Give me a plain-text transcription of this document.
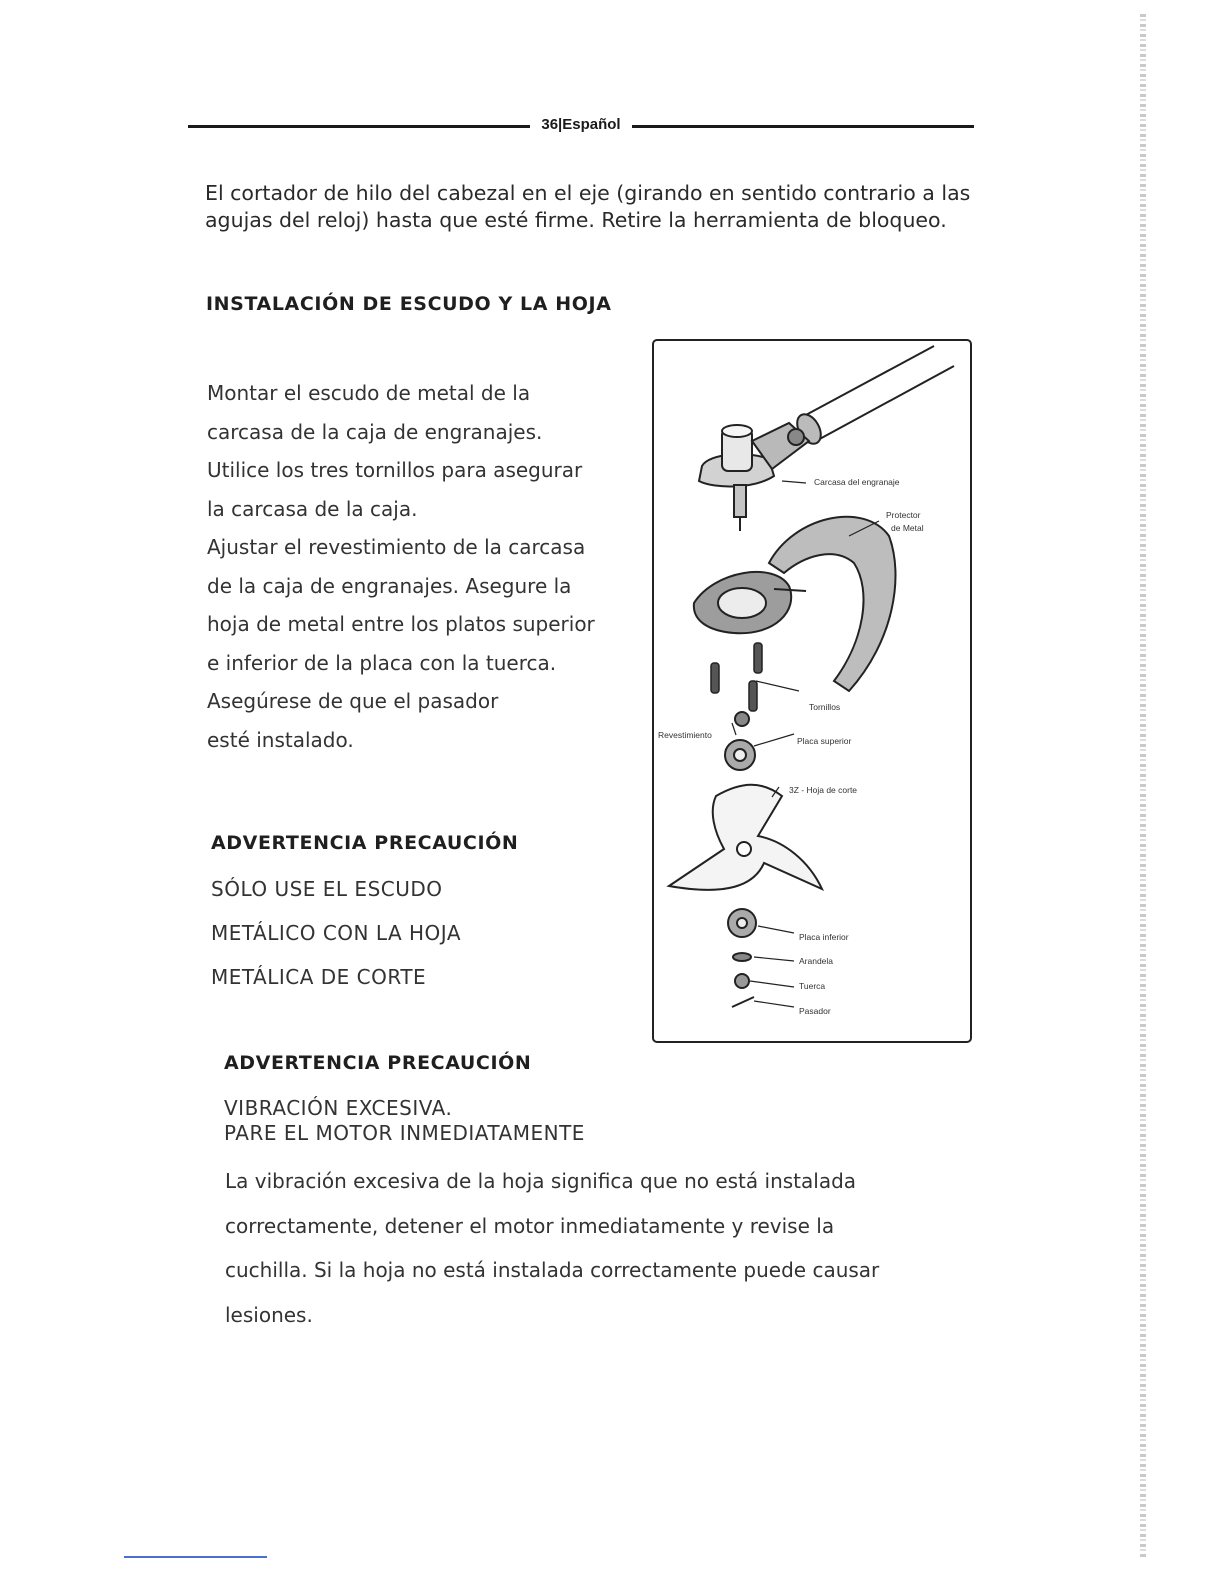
36|Español

El cortador de hilo del cabezal en el eje (girando en sentido contrario a las agujas del reloj) hasta que esté firme. Retire la herramienta de bloqueo.

INSTALACIÓN DE ESCUDO Y LA HOJA
Montar el escudo de metal de la
carcasa de la caja de engranajes.
Utilice los tres tornillos para asegurar
la carcasa de la caja.
Ajustar el revestimiento de la carcasa
de la caja de engranajes. Asegure la
hoja de metal entre los platos superior
e inferior de la placa con la tuerca.
Asegúrese de que el pasador
esté instalado.
ADVERTENCIA PRECAUCIÓN
SÓLO USE EL ESCUDO
METÁLICO CON LA HOJA
METÁLICA DE CORTE
ADVERTENCIA PRECAUCIÓN
VIBRACIÓN EXCESIVA.
PARE EL MOTOR INMEDIATAMENTE
La vibración excesiva de la hoja significa que no está instalada
correctamente, detener el motor inmediatamente y revise la
cuchilla. Si la hoja no está instalada correctamente puede causar
lesiones.
Carcasa del engranaje
Protector
de Metal
Tornillos
Revestimiento
Placa superior
3Z - Hoja de corte
Placa inferior
Arandela
Tuerca
Pasador
